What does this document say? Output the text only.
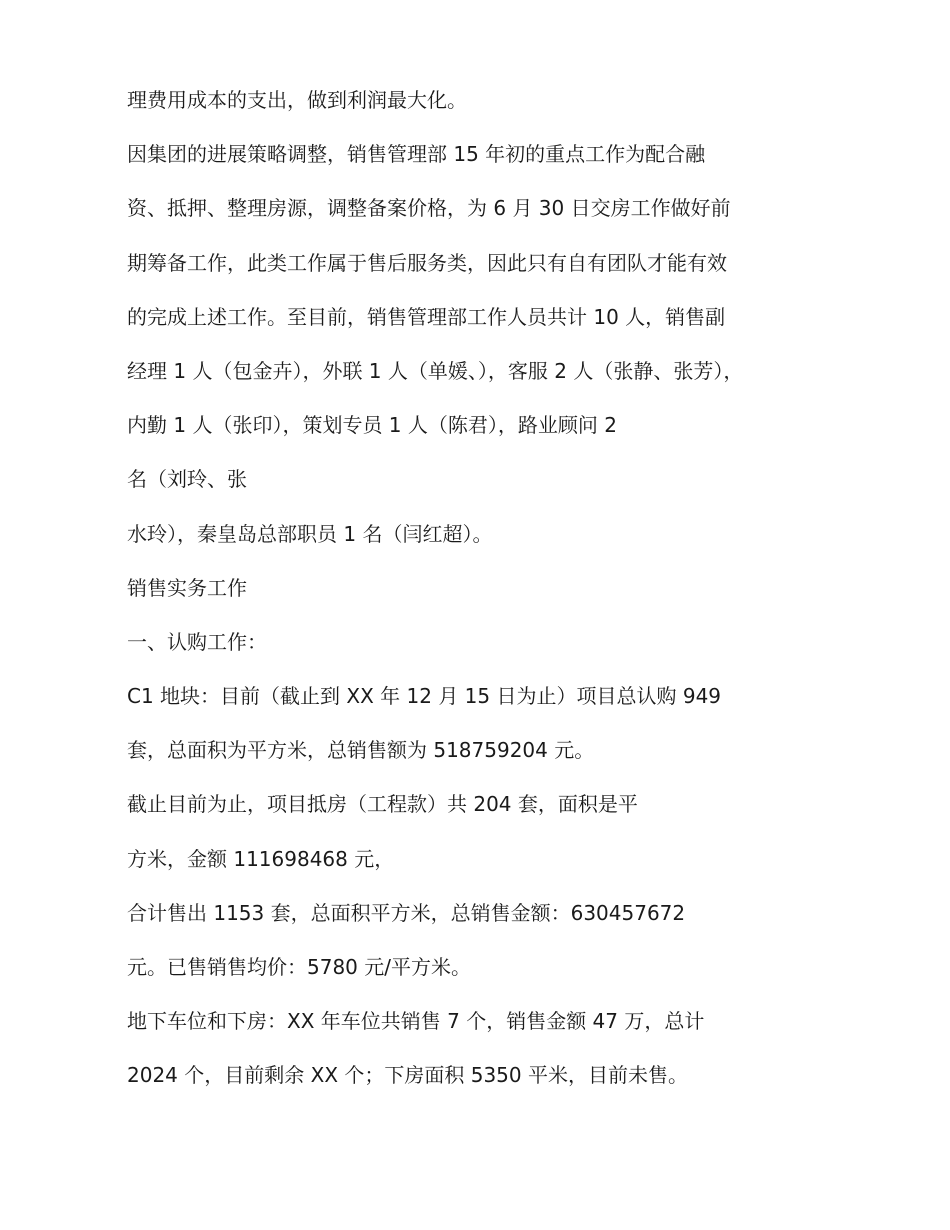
理费用成本的支出，做到利润最大化。
因集团的进展策略调整，销售管理部 15 年初的重点工作为配合融
资、抵押、整理房源，调整备案价格，为 6 月 30 日交房工作做好前
期筹备工作，此类工作属于售后服务类，因此只有自有团队才能有效
的完成上述工作。至目前，销售管理部工作人员共计 10 人，销售副
经理 1 人（包金卉），外联 1 人（单媛、），客服 2 人（张静、张芳），
内勤 1 人（张印），策划专员 1 人（陈君），路业顾问 2
名（刘玲、张
水玲），秦皇岛总部职员 1 名（闫红超）。
销售实务工作
一、认购工作：
C1 地块：目前（截止到 XX 年 12 月 15 日为止）项目总认购 949
套，总面积为平方米，总销售额为 518759204 元。
截止目前为止，项目抵房（工程款）共 204 套，面积是平
方米，金额 111698468 元，
合计售出 1153 套，总面积平方米，总销售金额：630457672
元。已售销售均价：5780 元/平方米。
地下车位和下房：XX 年车位共销售 7 个，销售金额 47 万，总计
2024 个，目前剩余 XX 个；下房面积 5350 平米，目前未售。
